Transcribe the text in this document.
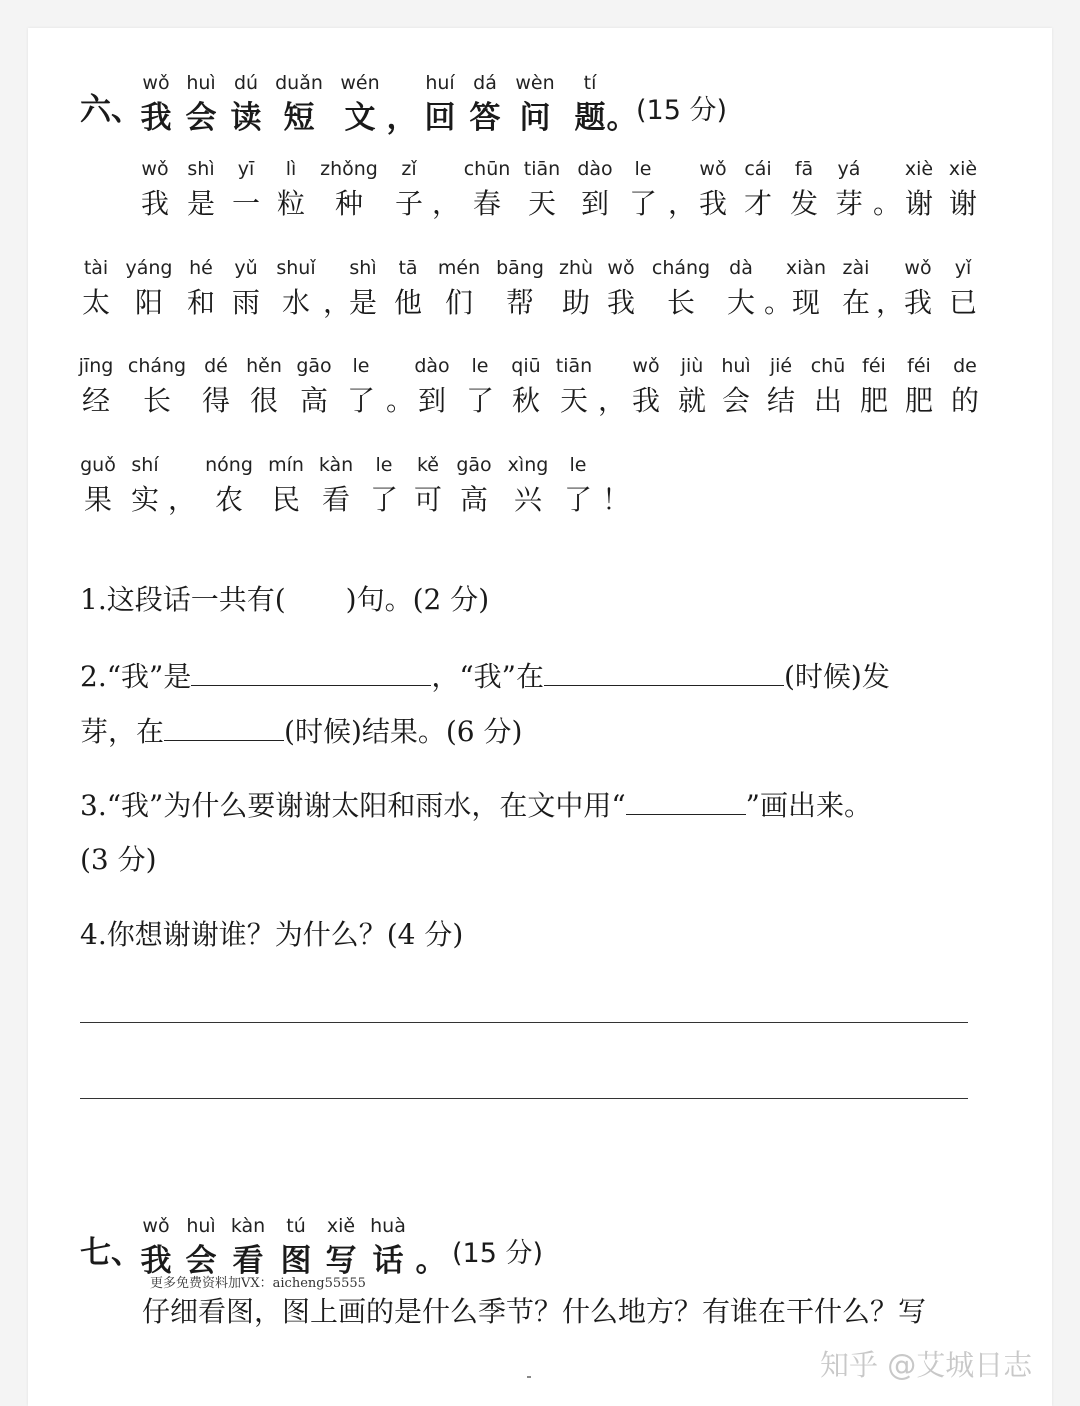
六、
wǒ
我
huì
会
dú
读
duǎn
短
wén
文 ，
huí
回
dá
答
wèn
问
tí
题 。
(15 分)
wǒ
我
shì
是
yī
一
lì
粒
zhǒng
种
zǐ
子 ，
chūn
春
tiān
天
dào
到
le
了 ，
wǒ
我
cái
才
fā
发
yá
芽 。
xiè
谢
xiè
谢
tài
太
yáng
阳
hé
和
yǔ
雨
shuǐ
水 ，
shì
是
tā
他
mén
们
bāng
帮
zhù
助
wǒ
我
cháng
长
dà
大 。
xiàn
现
zài
在 ，
wǒ
我
yǐ
已
jīng
经
cháng
长
dé
得
hěn
很
gāo
高
le
了 。
dào
到
le
了
qiū
秋
tiān
天 ，
wǒ
我
jiù
就
huì
会
jié
结
chū
出
féi
肥
féi
肥
de
的
guǒ
果
shí
实 ，
nóng
农
mín
民
kàn
看
le
了
kě
可
gāo
高
xìng
兴
le
了 ！
1.这段话一共有( )句。(2 分)
2.“我”是	，“我”在	(时候)发
芽，在	(时候)结果。(6 分)
3.“我”为什么要谢谢太阳和雨水，在文中用“	”画出来。
(3 分)
4.你想谢谢谁？为什么？(4 分)
七、
wǒ
我
huì
会
kàn
看
tú
图
xiě
写
huà
话 。 (15 分)
更多免费资料加VX：aicheng55555
仔细看图，图上画的是什么季节？什么地方？有谁在干什么？写
知乎 @艾城日志
